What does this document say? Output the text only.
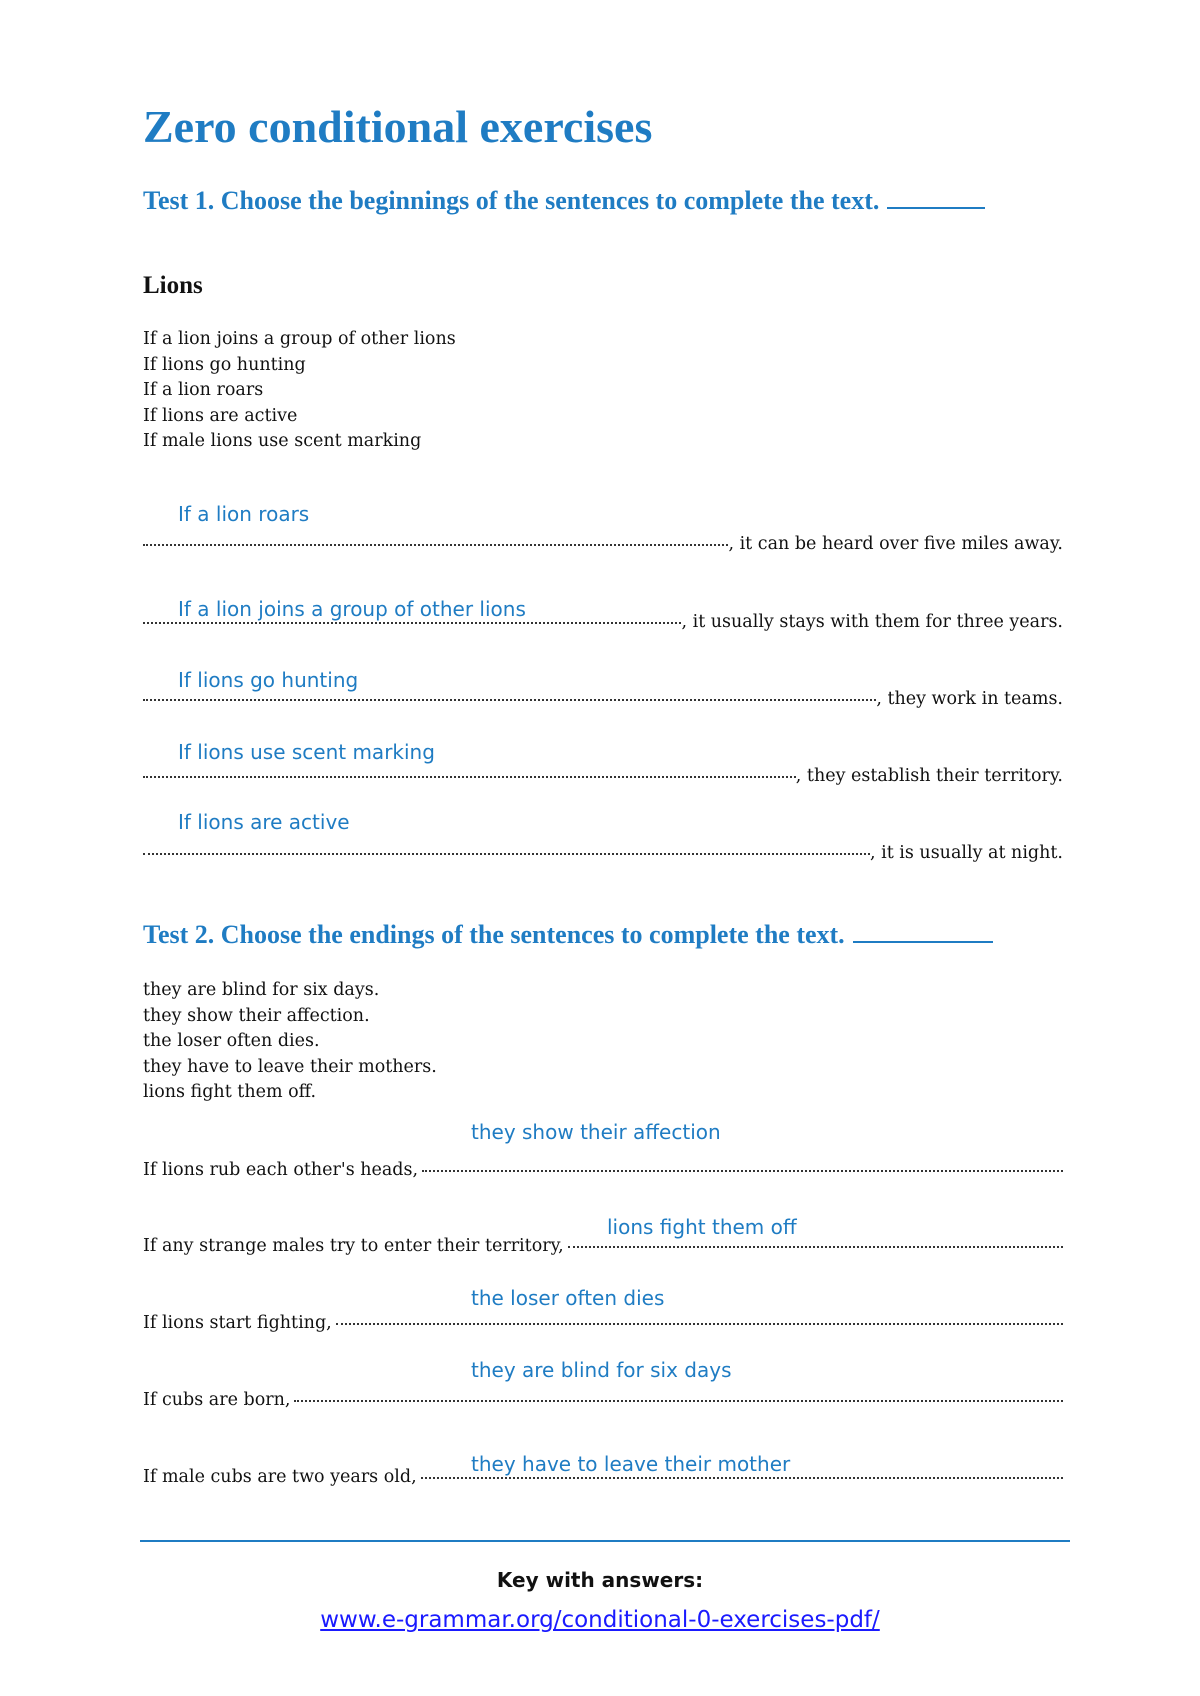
Zero conditional exercises
Test 1. Choose the beginnings of the sentences to complete the text.
Lions
If a lion joins a group of other lions
If lions go hunting
If a lion roars
If lions are active
If male lions use scent marking
If a lion roars
, it can be heard over five miles away.
If a lion joins a group of other lions
, it usually stays with them for three years.
If lions go hunting
, they work in teams.
If lions use scent marking
, they establish their territory.
If lions are active
, it is usually at night.
Test 2. Choose the endings of the sentences to complete the text.
they are blind for six days.
they show their affection.
the loser often dies.
they have to leave their mothers.
lions fight them off.
they show their affection
If lions rub each other's heads,
lions fight them off
If any strange males try to enter their territory,
the loser often dies
If lions start fighting,
they are blind for six days
If cubs are born,
they have to leave their mother
If male cubs are two years old,
Key with answers:
www.e-grammar.org/conditional-0-exercises-pdf/
